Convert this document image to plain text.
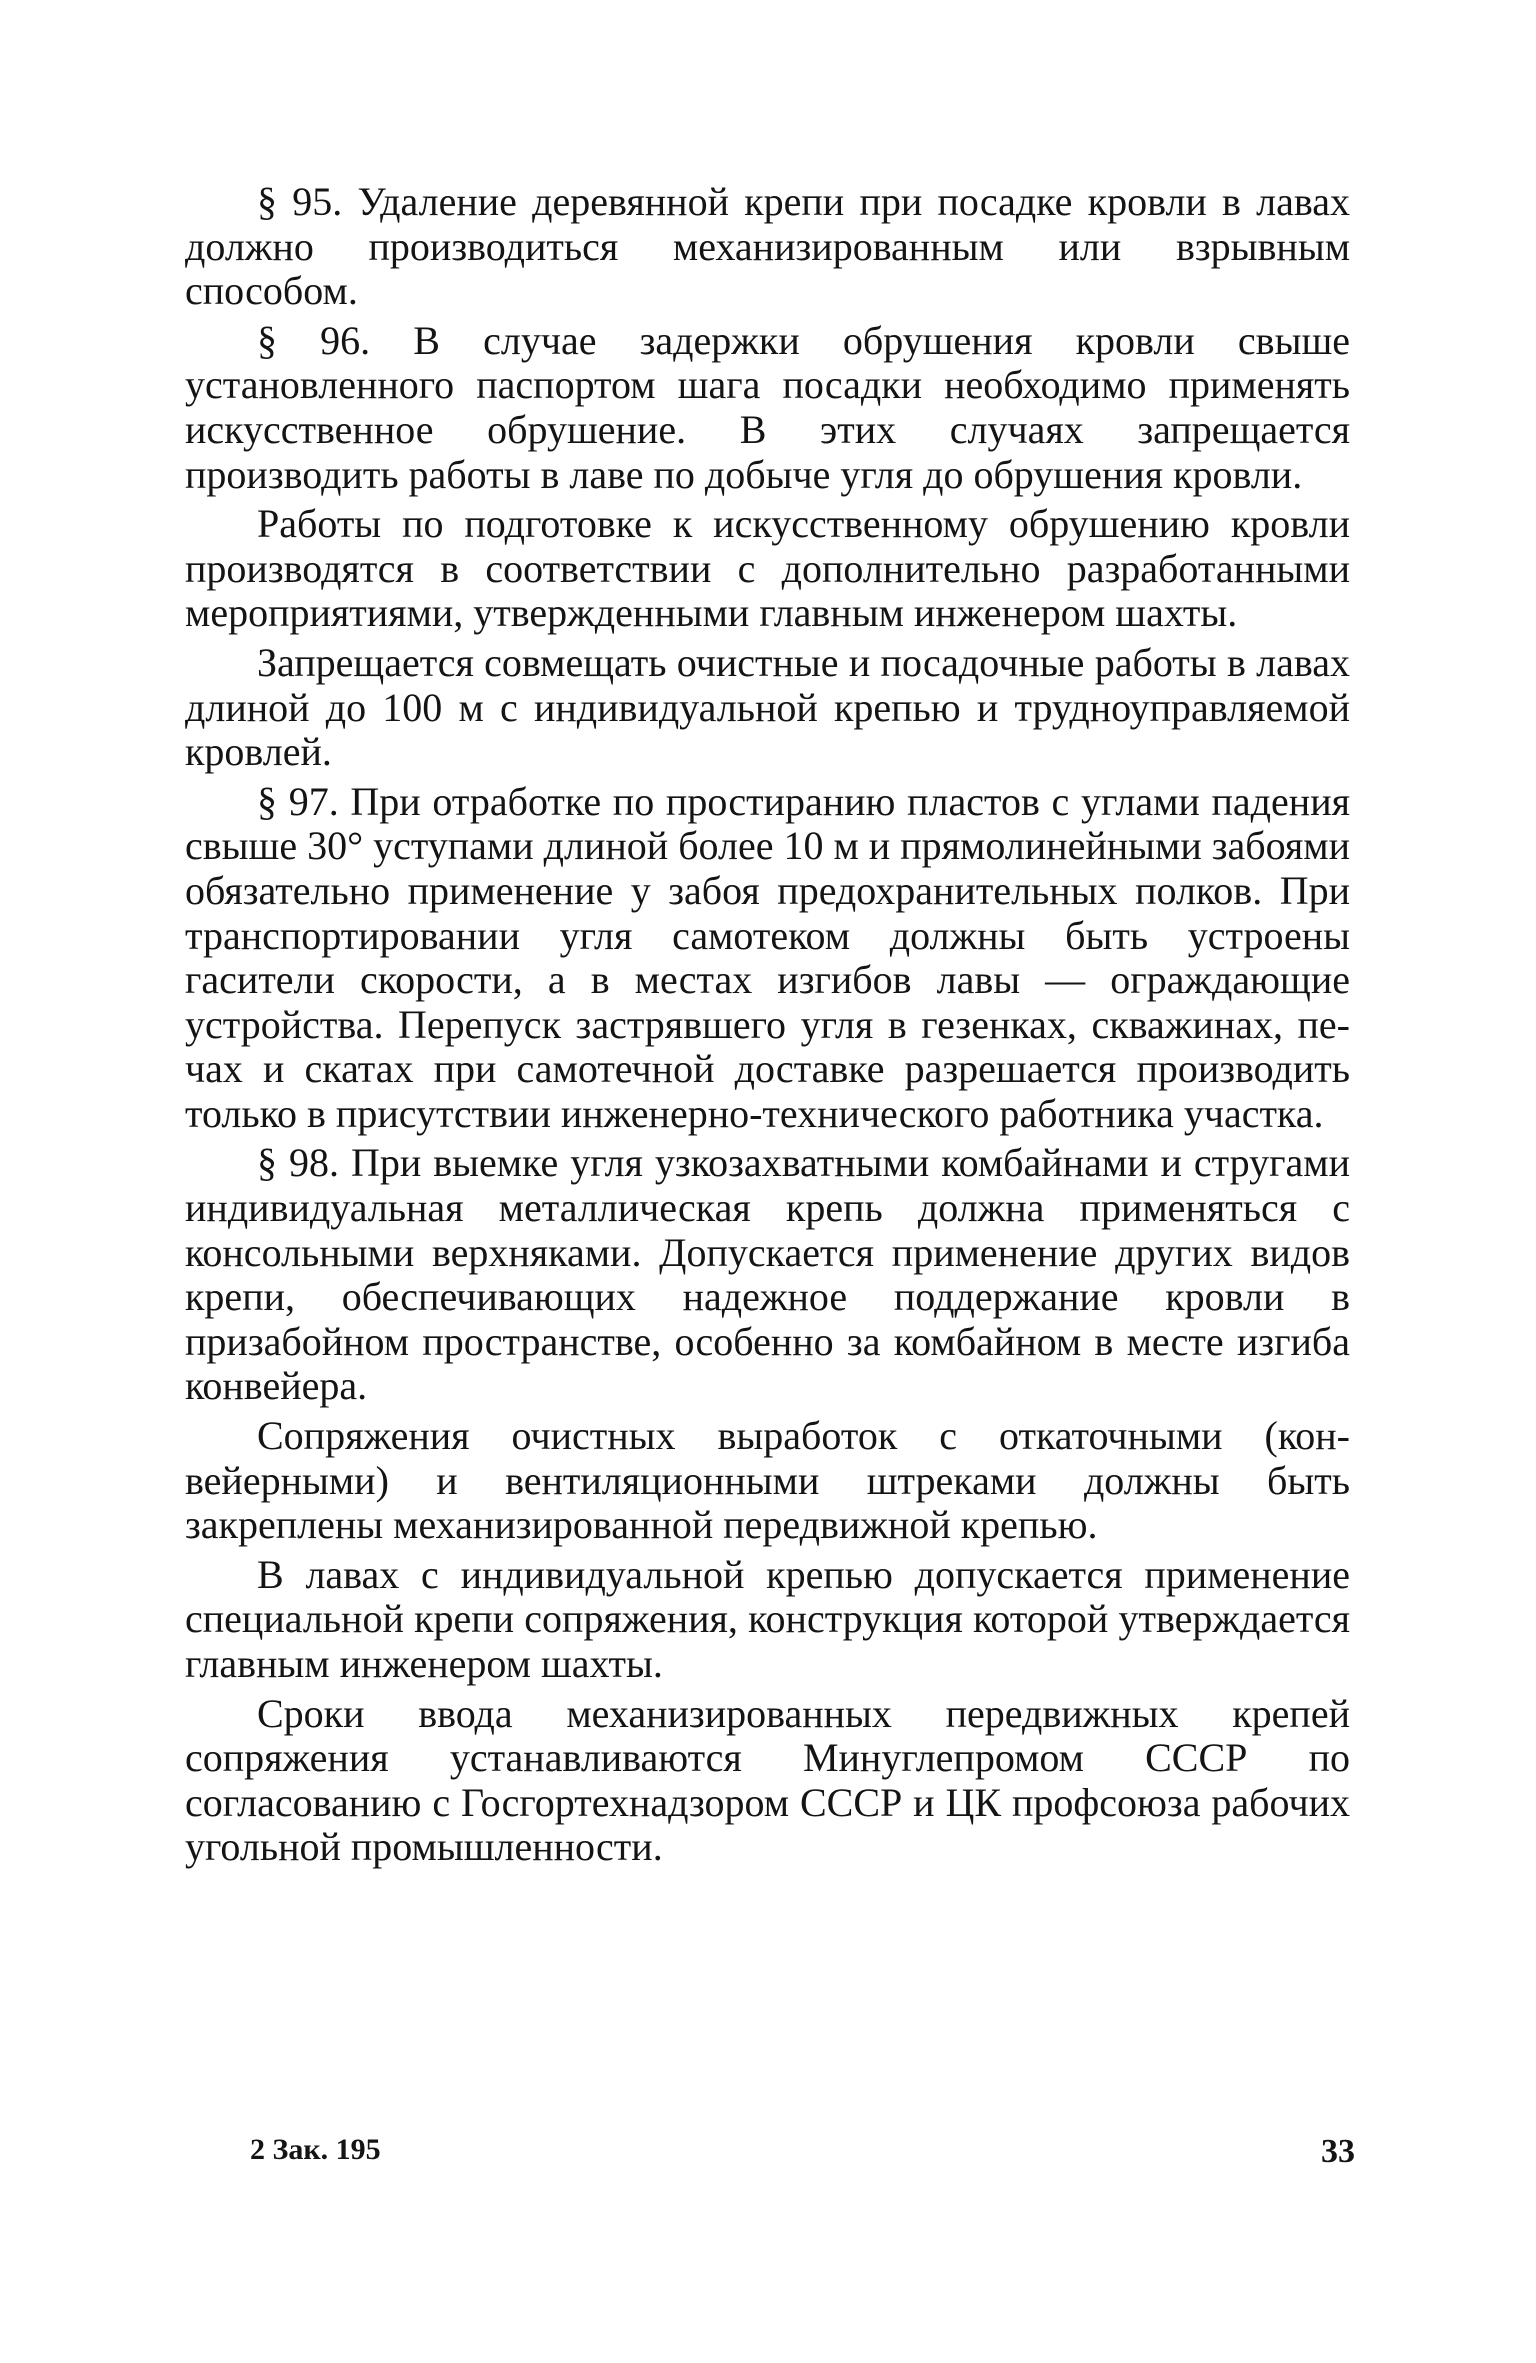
§ 95. Удаление деревянной крепи при посадке кровли в лавах должно производиться механизированным или взрывным способом.

§ 96. В случае задержки обрушения кровли свыше установленного паспортом шага посадки необходимо применять искусственное обрушение. В этих случаях запрещается производить работы в лаве по добыче угля до обрушения кровли.

Работы по подготовке к искусственному обрушению кровли производятся в соответствии с дополнительно разработанными мероприятиями, утвержденными главным инженером шахты.

Запрещается совмещать очистные и посадочные работы в лавах длиной до 100 м с индивидуальной крепью и трудноуправляемой кровлей.

§ 97. При отработке по простиранию пластов с углами падения свыше 30° уступами длиной более 10 м и прямолинейными забоями обязательно применение у забоя предохранительных полков. При транспортировании угля самотеком должны быть устроены гасители скорости, а в местах изгибов лавы — ограждающие устройства. Перепуск застрявшего угля в гезенках, скважинах, печах и скатах при самотечной доставке разрешается производить только в присутствии инженерно-технического работника участка.

§ 98. При выемке угля узкозахватными комбайнами и стругами индивидуальная металлическая крепь должна применяться с консольными верхняками. Допускается применение других видов крепи, обеспечивающих надежное поддержание кровли в призабойном пространстве, особенно за комбайном в месте изгиба конвейера.

Сопряжения очистных выработок с откаточными (конвейерными) и вентиляционными штреками должны быть закреплены механизированной передвижной крепью.

В лавах с индивидуальной крепью допускается применение специальной крепи сопряжения, конструкция которой утверждается главным инженером шахты.

Сроки ввода механизированных передвижных крепей сопряжения устанавливаются Минуглепромом СССР по согласованию с Госгортехнадзором СССР и ЦК профсоюза рабочих угольной промышленности.

2 Зак. 195	33
